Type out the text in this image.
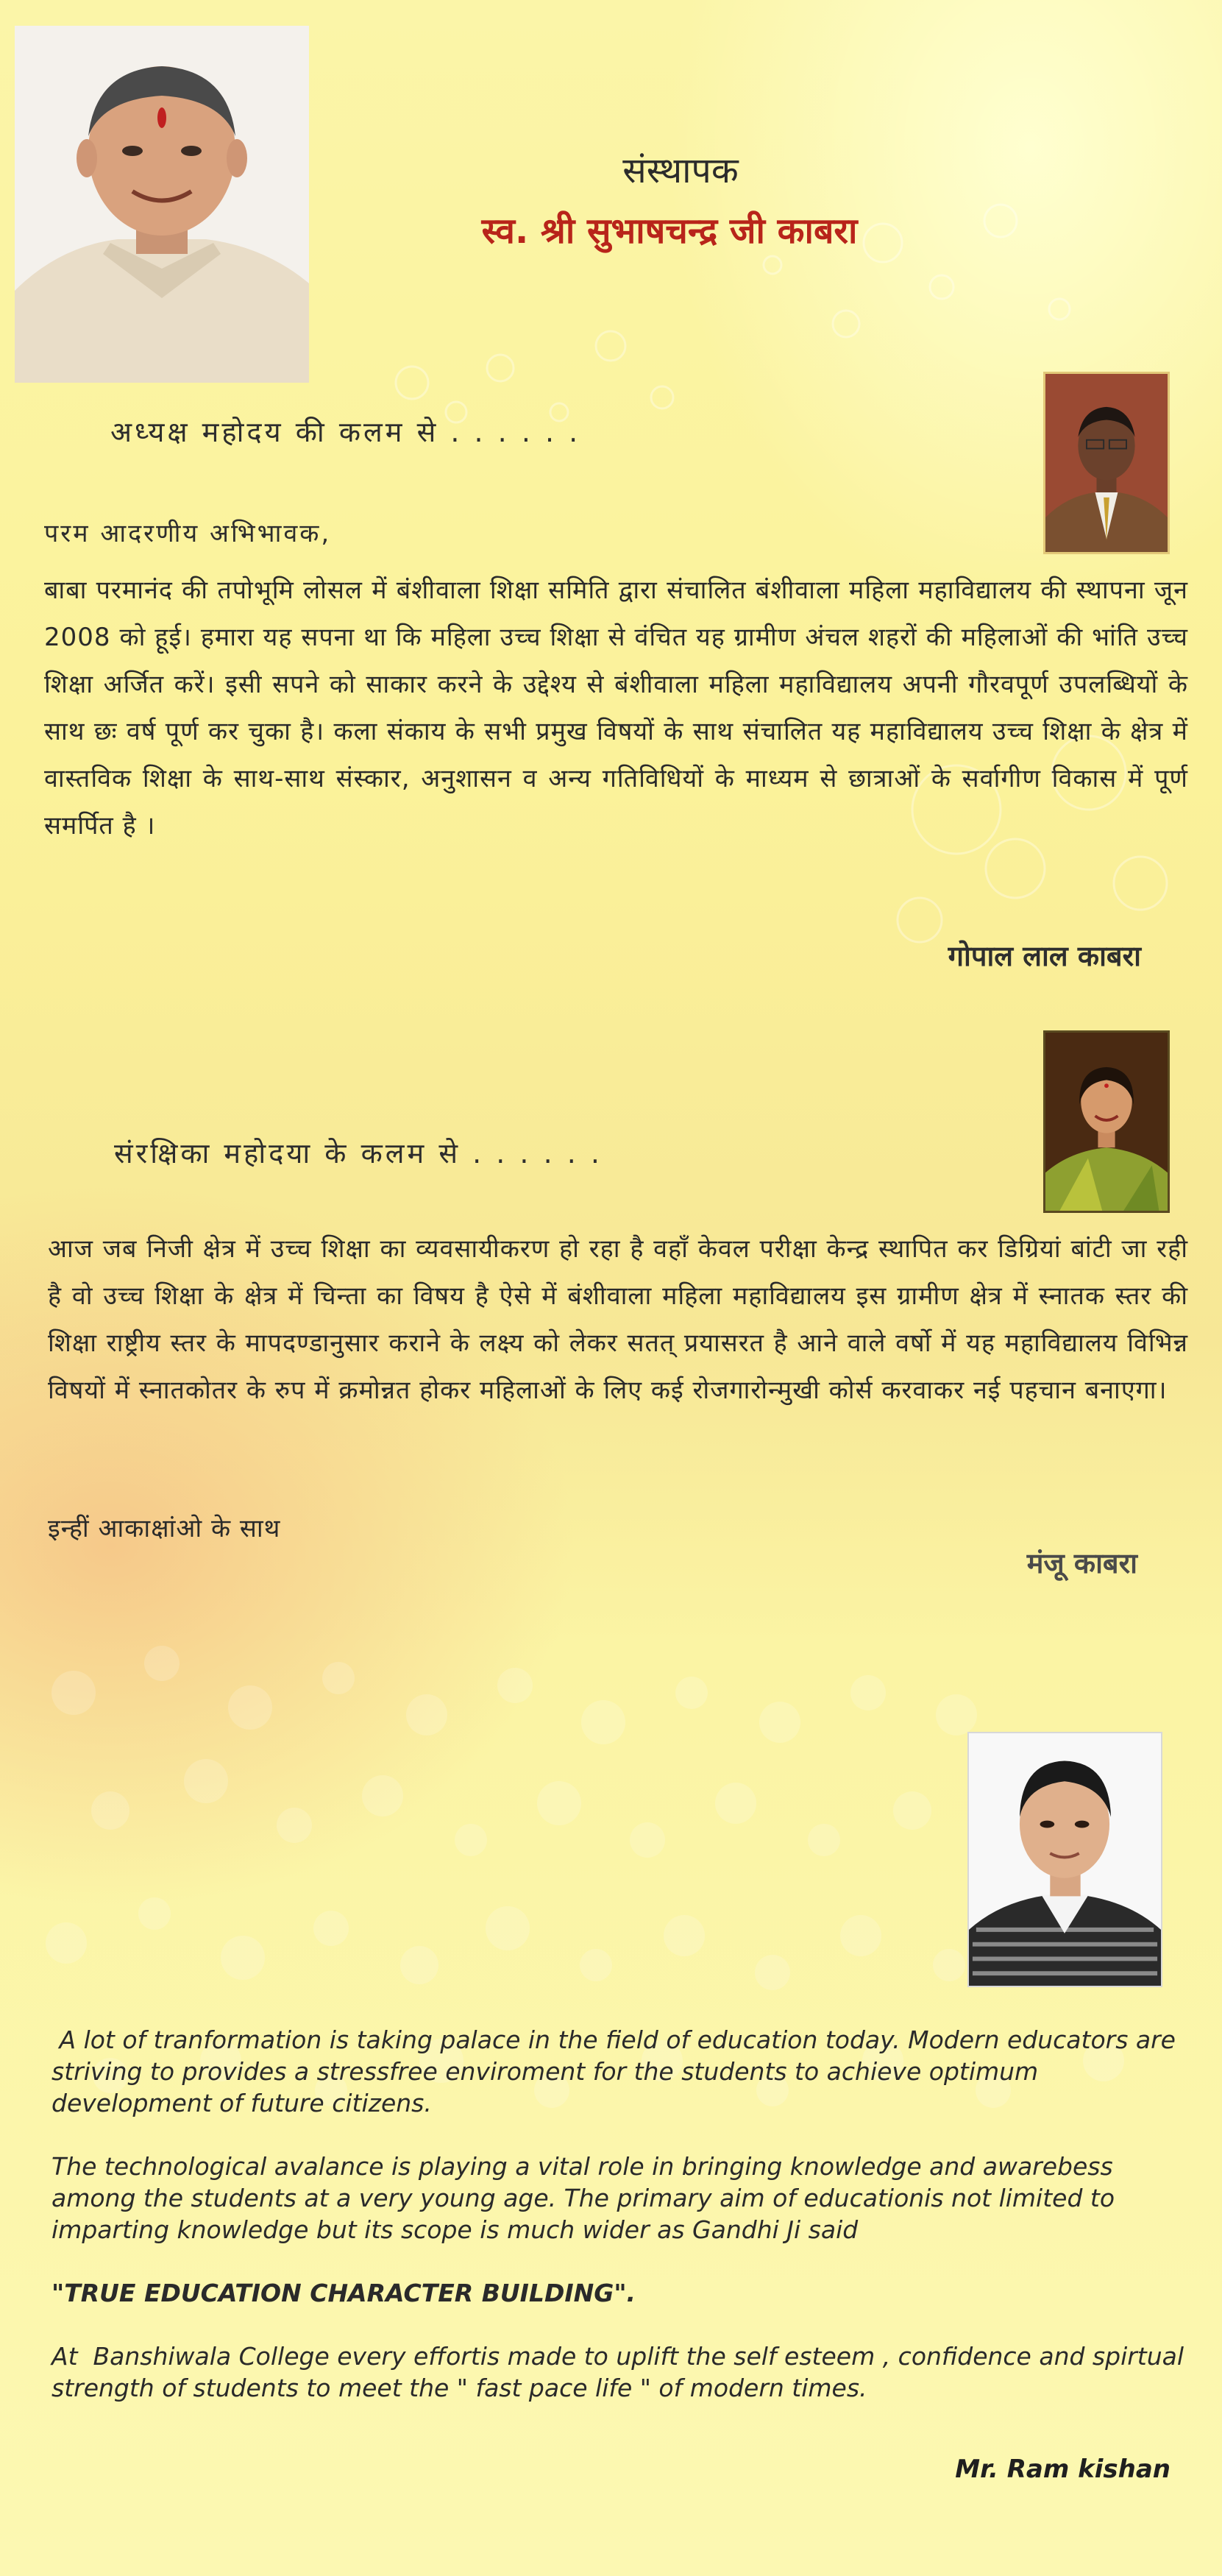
संस्थापक
स्व. श्री सुभाषचन्द्र जी काबरा
अध्यक्ष महोदय की कलम से . . . . . .
परम आदरणीय अभिभावक,
बाबा परमानंद की तपोभूमि लोसल में बंशीवाला शिक्षा समिति द्वारा संचालित बंशीवाला महिला महाविद्यालय की स्थापना जून 2008 को हूई। हमारा यह सपना था कि महिला उच्च शिक्षा से वंचित यह ग्रामीण अंचल शहरों की महिलाओं की भांति उच्च शिक्षा अर्जित करें। इसी सपने को साकार करने के उद्देश्य से बंशीवाला महिला महाविद्यालय अपनी गौरवपूर्ण उपलब्धियों के साथ छः वर्ष पूर्ण कर चुका है। कला संकाय के सभी प्रमुख विषयों के साथ संचालित यह महाविद्यालय उच्च शिक्षा के क्षेत्र में वास्तविक शिक्षा के साथ-साथ संस्कार, अनुशासन व अन्य गतिविधियों के माध्यम से छात्राओं के सर्वागीण विकास में पूर्ण समर्पित है ।
गोपाल लाल काबरा
संरक्षिका महोदया के कलम से . . . . . .
आज जब निजी क्षेत्र में उच्च शिक्षा का व्यवसायीकरण हो रहा है वहाँ केवल परीक्षा केन्द्र स्थापित कर डिग्रियां बांटी जा रही है वो उच्च शिक्षा के क्षेत्र में चिन्ता का विषय है ऐसे में बंशीवाला महिला महाविद्यालय इस ग्रामीण क्षेत्र में स्नातक स्तर की शिक्षा राष्ट्रीय स्तर के मापदण्डानुसार कराने के लक्ष्य को लेकर सतत् प्रयासरत है आने वाले वर्षो में यह महाविद्यालय विभिन्न विषयों में स्नातकोतर के रुप में क्रमोन्नत होकर महिलाओं के लिए कई रोजगारोन्मुखी कोर्स करवाकर नई पहचान बनाएगा।
इन्हीं आकाक्षांओ के साथ
मंजू काबरा

A lot of tranformation is taking palace in the field of education today. Modern educators are striving to provides a stressfree enviroment for the students to achieve optimum development of future citizens.

The technological avalance is playing a vital role in bringing knowledge and awarebess among the students at a very young age. The primary aim of educationis not limited to imparting knowledge but its scope is much wider as Gandhi Ji said

"TRUE EDUCATION CHARACTER BUILDING".

At  Banshiwala College every effortis made to uplift the self esteem , confidence and spirtual strength of students to meet the " fast pace life " of modern times.

Mr. Ram kishan
